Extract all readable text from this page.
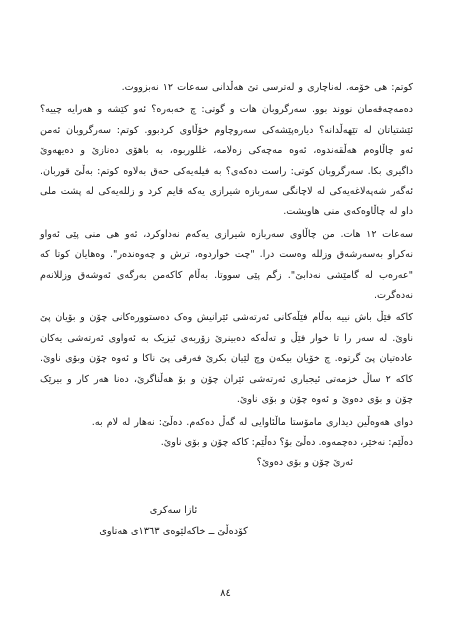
کوتم: هی خۆمە. لەناچاری و لەترسی تێ هەڵدانی سەعات ١٢ نەبزووت.

دەمەچەقەمان نووند بوو. سەرگروبان هات و گوتی: چ خەبەرە؟ ئەو کێشە و هەرایە چییە؟ ئێشتیاتان لە تێهەڵدانە؟ دیارەپێشەکی سەروچاوم خۆڵاوی کردبوو. کوتم: سەرگروبان ئەمن ئەو چاڵاوەم هەڵقەندوە، ئەوە مەچەکی زەلامە، غللوربوە، بە باهۆی دەنازێ و دەیهەوێ داگیری بکا. سەرگروبان کوتی: راست دەکەی؟ بە فیلەیەکی حەق بەلاوە کوتم: بەڵێ قوربان. ئەگەر شەپەلاغەیەکی لە لاچانگی سەربازە شیرازی یەکە قایم کرد و زللەیەکی لە پشت ملی داو لە چاڵاوەکەی منی هاویشت.

سەعات ١٢ هات. من چاڵاوی سەربازە شیرازی یەکەم نەداوکرد، ئەو هی منی پێی ئەواو نەکراو بەسەرشەق وزلله وەست درا. "چت خواردوە، ترش و چەوەندەر". وەهایان کوتا کە "عەرەب لە گامێشی نەدابێ". زگم پێی سووتا. بەڵام کاکەمن بەرگەی ئەوشەق وزللانەم نەدەگرت.

کاکە فێڵ باش نییە بەڵام فێڵەکانی ئەرتەشی ئێرانیش وەک دەستوورەکانی چۆن و بۆیان پێ ناوێ. لە سەر را تا خوار فێڵ و تەڵەکە دەبینرێ زۆربەی ئیزیک بە ئەواوی ئەرتەشی یەکان عادەتیان پێ گرتوە. چ خۆیان بیکەن وچ لێیان بکرێ فەرقی پێ ناکا و ئەوە چۆن وبۆی ناوێ. کاکە ٢ ساڵ خزمەتی ئیجباری ئەرتەشی ئێران چۆن و بۆ هەڵناگرێ، دەنا هەر کار و بیرێک چۆن و بۆی دەوێ و ئەوە چۆن و بۆی ناوێ.

دوای هەوەڵین دیداری مامۆستا ماڵئاوایی لە گەڵ دەکەم. دەڵێ: نەهار لە لام بە.

دەڵێم: نەخێر، دەچمەوە. دەڵێ بۆ؟ دەڵێم: کاکە چۆن و بۆی ناوێ.

ئەرێ چۆن و بۆی دەوێ؟

ئازا سەکری
کۆدەڵێ ــ خاکەلێوەی ١٣٦٣ی هەتاوی
٨٤
